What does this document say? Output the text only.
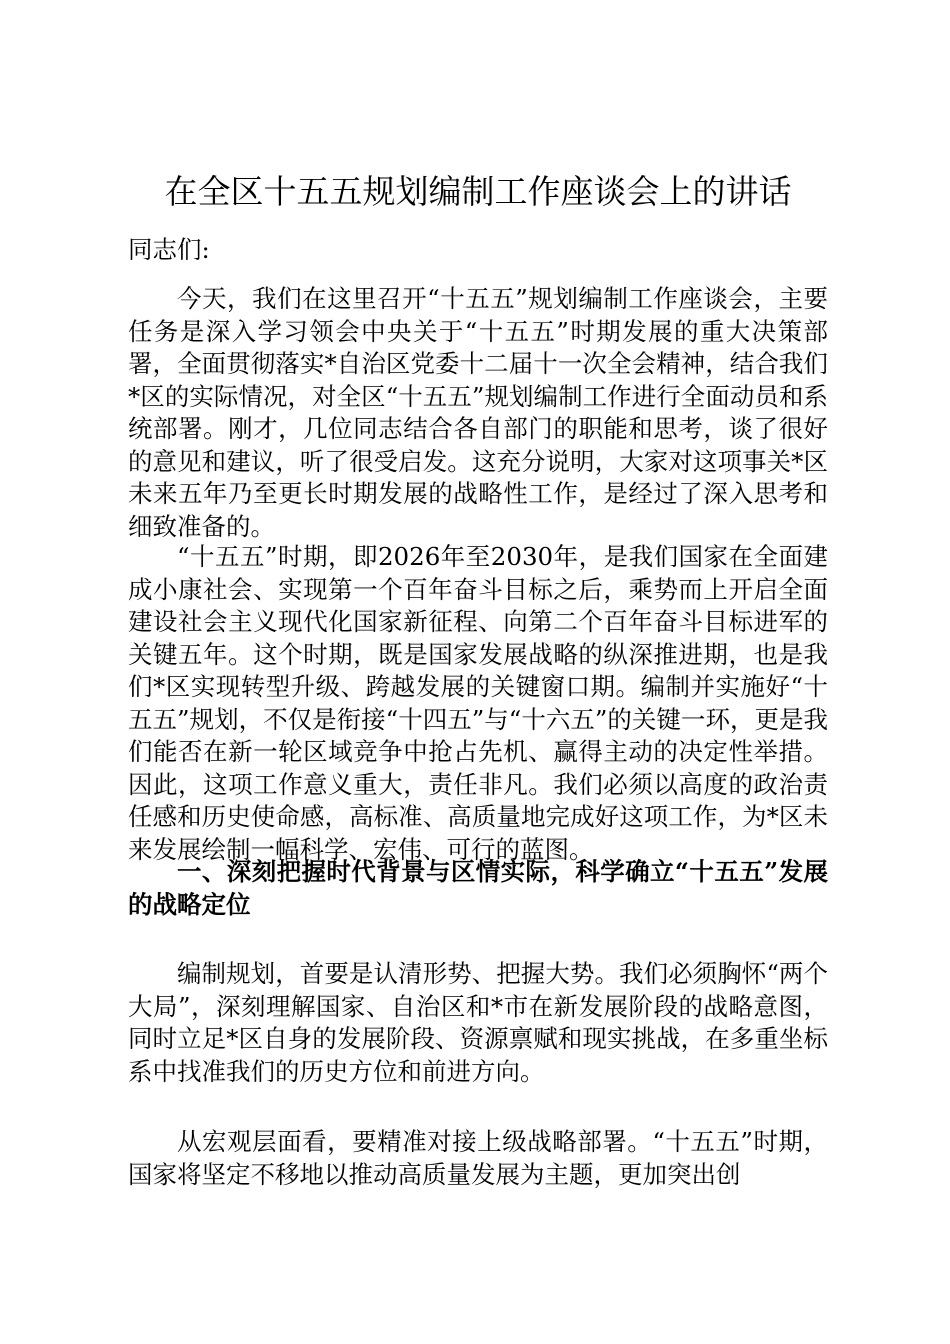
在全区十五五规划编制工作座谈会上的讲话

同志们:

今天，我们在这里召开“十五五”规划编制工作座谈会，主要任务是深入学习领会中央关于“十五五”时期发展的重大决策部署，全面贯彻落实*自治区党委十二届十一次全会精神，结合我们*区的实际情况，对全区“十五五”规划编制工作进行全面动员和系统部署。刚才，几位同志结合各自部门的职能和思考，谈了很好的意见和建议，听了很受启发。这充分说明，大家对这项事关*区未来五年乃至更长时期发展的战略性工作，是经过了深入思考和细致准备的。

“十五五”时期，即2026年至2030年，是我们国家在全面建成小康社会、实现第一个百年奋斗目标之后，乘势而上开启全面建设社会主义现代化国家新征程、向第二个百年奋斗目标进军的关键五年。这个时期，既是国家发展战略的纵深推进期，也是我们*区实现转型升级、跨越发展的关键窗口期。编制并实施好“十五五”规划，不仅是衔接“十四五”与“十六五”的关键一环，更是我们能否在新一轮区域竞争中抢占先机、赢得主动的决定性举措。因此，这项工作意义重大，责任非凡。我们必须以高度的政治责任感和历史使命感，高标准、高质量地完成好这项工作，为*区未来发展绘制一幅科学、宏伟、可行的蓝图。

一、深刻把握时代背景与区情实际，科学确立“十五五”发展的战略定位

编制规划，首要是认清形势、把握大势。我们必须胸怀“两个大局”，深刻理解国家、自治区和*市在新发展阶段的战略意图，同时立足*区自身的发展阶段、资源禀赋和现实挑战，在多重坐标系中找准我们的历史方位和前进方向。

从宏观层面看，要精准对接上级战略部署。“十五五”时期，国家将坚定不移地以推动高质量发展为主题，更加突出创
